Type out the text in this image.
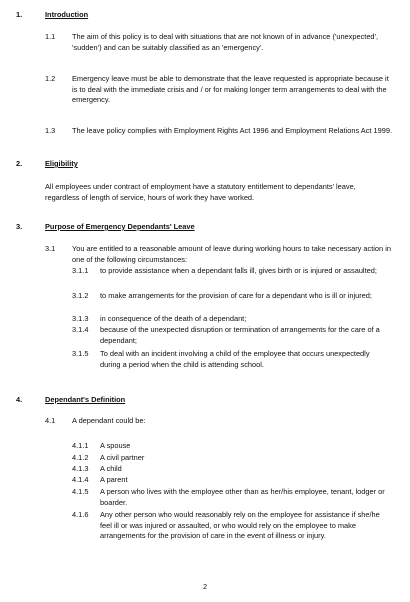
1.	Introduction
1.1 The aim of this policy is to deal with situations that are not known of in advance ('unexpected', 'sudden') and can be suitably classified as an 'emergency'.
1.2 Emergency leave must be able to demonstrate that the leave requested is appropriate because it is to deal with the immediate crisis and / or for making longer term arrangements to deal with the emergency.
1.3 The leave policy complies with Employment Rights Act 1996 and Employment Relations Act 1999.
2.	Eligibility
All employees under contract of employment have a statutory entitlement to dependants' leave, regardless of length of service, hours of work they have worked.
3.	Purpose of Emergency Dependants' Leave
3.1 You are entitled to a reasonable amount of leave during working hours to take necessary action in one of the following circumstances:
3.1.1 to provide assistance when a dependant falls ill, gives birth or is injured or assaulted;
3.1.2 to make arrangements for the provision of care for a dependant who is ill or injured;
3.1.3 in consequence of the death of a dependant;
3.1.4 because of the unexpected disruption or termination of arrangements for the care of a dependant;
3.1.5 To deal with an incident involving a child of the employee that occurs unexpectedly during a period when the child is attending school.
4.	Dependant's Definition
4.1 A dependant could be:
4.1.1 A spouse
4.1.2 A civil partner
4.1.3 A child
4.1.4 A parent
4.1.5 A person who lives with the employee other than as her/his employee, tenant, lodger or boarder.
4.1.6 Any other person who would reasonably rely on the employee for assistance if she/he feel ill or was injured or assaulted, or who would rely on the employee to make arrangements for the provision of care in the event of illness or injury.
2
